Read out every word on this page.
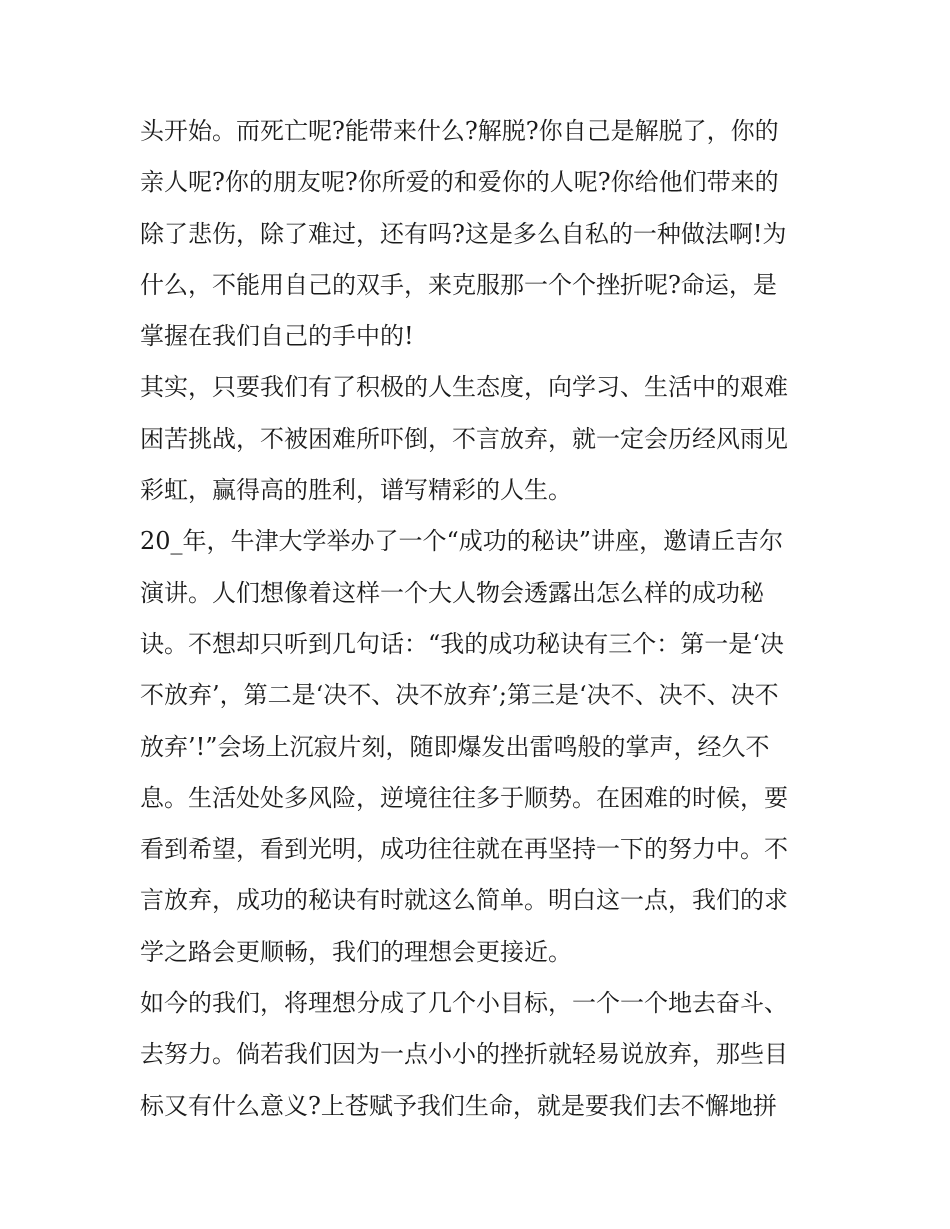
头开始。而死亡呢?能带来什么?解脱?你自己是解脱了，你的
亲人呢?你的朋友呢?你所爱的和爱你的人呢?你给他们带来的
除了悲伤，除了难过，还有吗?这是多么自私的一种做法啊!为
什么，不能用自己的双手，来克服那一个个挫折呢?命运，是
掌握在我们自己的手中的!
其实，只要我们有了积极的人生态度，向学习、生活中的艰难
困苦挑战，不被困难所吓倒，不言放弃，就一定会历经风雨见
彩虹，赢得高的胜利，谱写精彩的人生。
20_年，牛津大学举办了一个“成功的秘诀”讲座，邀请丘吉尔
演讲。人们想像着这样一个大人物会透露出怎么样的成功秘
诀。不想却只听到几句话：“我的成功秘诀有三个：第一是‘决
不放弃’，第二是‘决不、决不放弃’;第三是‘决不、决不、决不
放弃’!”会场上沉寂片刻，随即爆发出雷鸣般的掌声，经久不
息。生活处处多风险，逆境往往多于顺势。在困难的时候，要
看到希望，看到光明，成功往往就在再坚持一下的努力中。不
言放弃，成功的秘诀有时就这么简单。明白这一点，我们的求
学之路会更顺畅，我们的理想会更接近。
如今的我们，将理想分成了几个小目标，一个一个地去奋斗、
去努力。倘若我们因为一点小小的挫折就轻易说放弃，那些目
标又有什么意义?上苍赋予我们生命，就是要我们去不懈地拼
